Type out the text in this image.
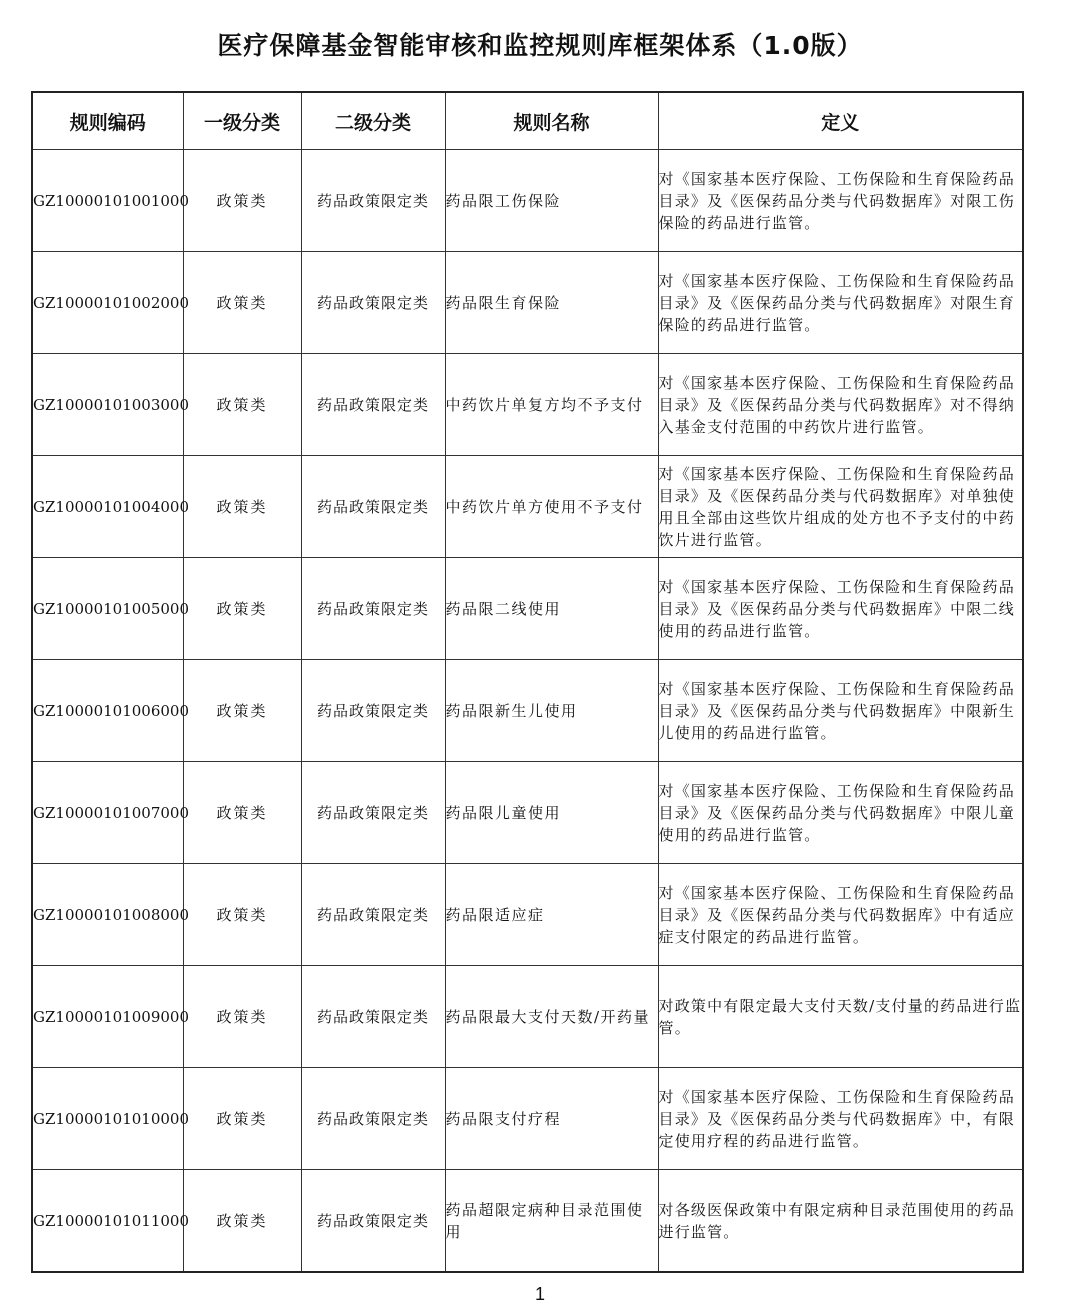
医疗保障基金智能审核和监控规则库框架体系（1.0版）
规则编码	一级分类	二级分类	规则名称	定义
GZ10000101001000	政策类	药品政策限定类	药品限工伤保险	对《国家基本医疗保险、工伤保险和生育保险药品目录》及《医保药品分类与代码数据库》对限工伤保险的药品进行监管。
GZ10000101002000	政策类	药品政策限定类	药品限生育保险	对《国家基本医疗保险、工伤保险和生育保险药品目录》及《医保药品分类与代码数据库》对限生育保险的药品进行监管。
GZ10000101003000	政策类	药品政策限定类	中药饮片单复方均不予支付	对《国家基本医疗保险、工伤保险和生育保险药品目录》及《医保药品分类与代码数据库》对不得纳入基金支付范围的中药饮片进行监管。
GZ10000101004000	政策类	药品政策限定类	中药饮片单方使用不予支付	对《国家基本医疗保险、工伤保险和生育保险药品目录》及《医保药品分类与代码数据库》对单独使用且全部由这些饮片组成的处方也不予支付的中药饮片进行监管。
GZ10000101005000	政策类	药品政策限定类	药品限二线使用	对《国家基本医疗保险、工伤保险和生育保险药品目录》及《医保药品分类与代码数据库》中限二线使用的药品进行监管。
GZ10000101006000	政策类	药品政策限定类	药品限新生儿使用	对《国家基本医疗保险、工伤保险和生育保险药品目录》及《医保药品分类与代码数据库》中限新生儿使用的药品进行监管。
GZ10000101007000	政策类	药品政策限定类	药品限儿童使用	对《国家基本医疗保险、工伤保险和生育保险药品目录》及《医保药品分类与代码数据库》中限儿童使用的药品进行监管。
GZ10000101008000	政策类	药品政策限定类	药品限适应症	对《国家基本医疗保险、工伤保险和生育保险药品目录》及《医保药品分类与代码数据库》中有适应症支付限定的药品进行监管。
GZ10000101009000	政策类	药品政策限定类	药品限最大支付天数/开药量	对政策中有限定最大支付天数/支付量的药品进行监管。
GZ10000101010000	政策类	药品政策限定类	药品限支付疗程	对《国家基本医疗保险、工伤保险和生育保险药品目录》及《医保药品分类与代码数据库》中，有限定使用疗程的药品进行监管。
GZ10000101011000	政策类	药品政策限定类	药品超限定病种目录范围使用	对各级医保政策中有限定病种目录范围使用的药品进行监管。
1
